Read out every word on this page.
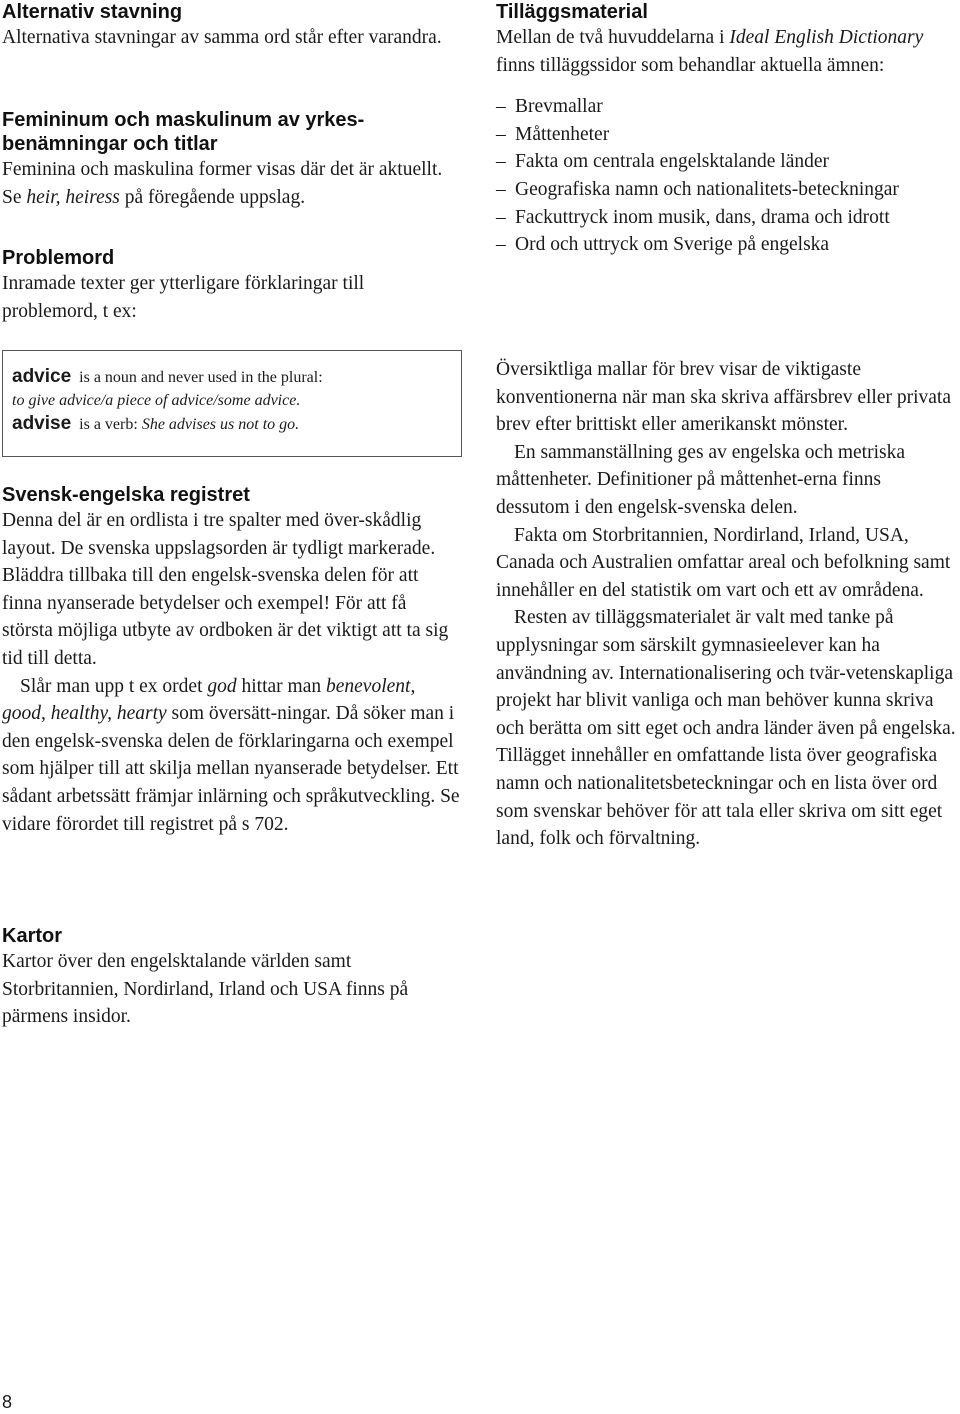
Alternativ stavning

Alternativa stavningar av samma ord står efter varandra.

Femininum och maskulinum av yrkes-benämningar och titlar

Feminina och maskulina former visas där det är aktuellt. Se heir, heiress på föregående uppslag.

Problemord

Inramade texter ger ytterligare förklaringar till problemord, t ex:

advice is a noun and never used in the plural:

to give advice/a piece of advice/some advice.

advise is a verb: She advises us not to go.

Svensk-engelska registret

Denna del är en ordlista i tre spalter med över-skådlig layout. De svenska uppslagsorden är tydligt markerade. Bläddra tillbaka till den engelsk-svenska delen för att finna nyanserade betydelser och exempel! För att få största möjliga utbyte av ordboken är det viktigt att ta sig tid till detta.

Slår man upp t ex ordet god hittar man benevolent, good, healthy, hearty som översätt-ningar. Då söker man i den engelsk-svenska delen de förklaringarna och exempel som hjälper till att skilja mellan nyanserade betydelser. Ett sådant arbetssätt främjar inlärning och språkutveckling. Se vidare förordet till registret på s 702.

Kartor

Kartor över den engelsktalande världen samt Storbritannien, Nordirland, Irland och USA finns på pärmens insidor.

Tilläggsmaterial

Mellan de två huvuddelarna i Ideal English Dictionary finns tilläggssidor som behandlar aktuella ämnen:

– Brevmallar
– Måttenheter
– Fakta om centrala engelsktalande länder
– Geografiska namn och nationalitets-beteckningar
– Fackuttryck inom musik, dans, drama och idrott
– Ord och uttryck om Sverige på engelska

Översiktliga mallar för brev visar de viktigaste konventionerna när man ska skriva affärsbrev eller privata brev efter brittiskt eller amerikanskt mönster.

En sammanställning ges av engelska och metriska måttenheter. Definitioner på måttenhet-erna finns dessutom i den engelsk-svenska delen.

Fakta om Storbritannien, Nordirland, Irland, USA, Canada och Australien omfattar areal och befolkning samt innehåller en del statistik om vart och ett av områdena.

Resten av tilläggsmaterialet är valt med tanke på upplysningar som särskilt gymnasieelever kan ha användning av. Internationalisering och tvär-vetenskapliga projekt har blivit vanliga och man behöver kunna skriva och berätta om sitt eget och andra länder även på engelska. Tillägget innehåller en omfattande lista över geografiska namn och nationalitetsbeteckningar och en lista över ord som svenskar behöver för att tala eller skriva om sitt eget land, folk och förvaltning.

8
